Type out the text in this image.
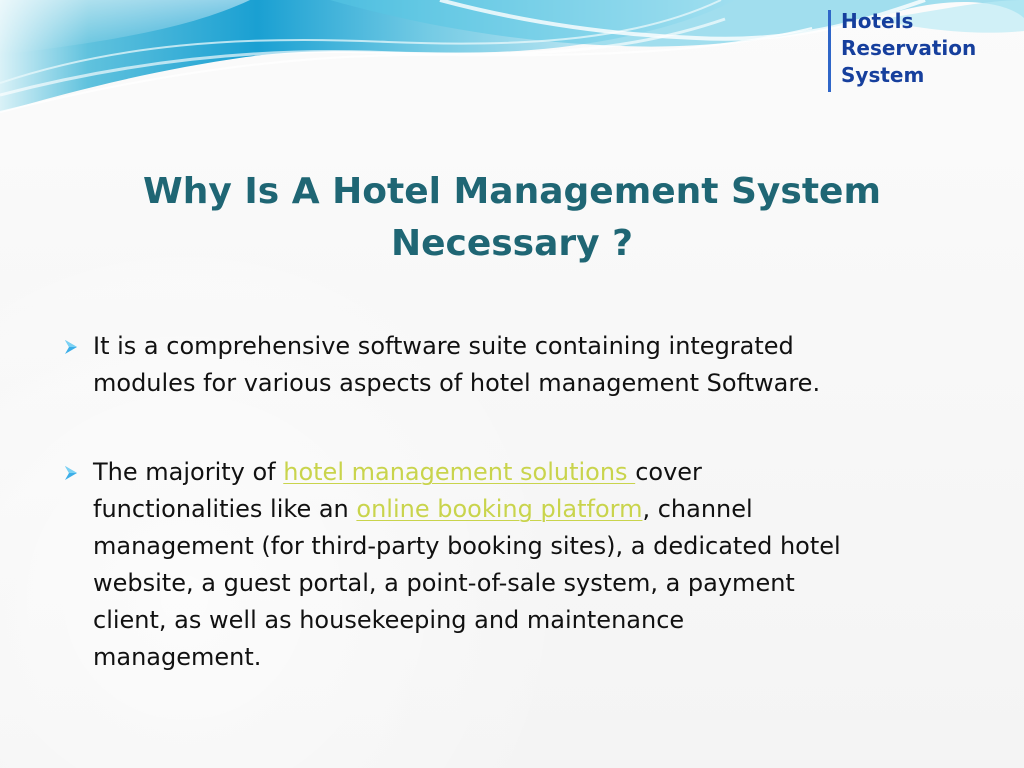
Hotels
Reservation
System
Why Is A Hotel Management System
Necessary ?
It is a comprehensive software suite containing integrated
modules for various aspects of hotel management Software.
The majority of hotel management solutions cover
functionalities like an online booking platform, channel
management (for third-party booking sites), a dedicated hotel
website, a guest portal, a point-of-sale system, a payment
client, as well as housekeeping and maintenance
management.
